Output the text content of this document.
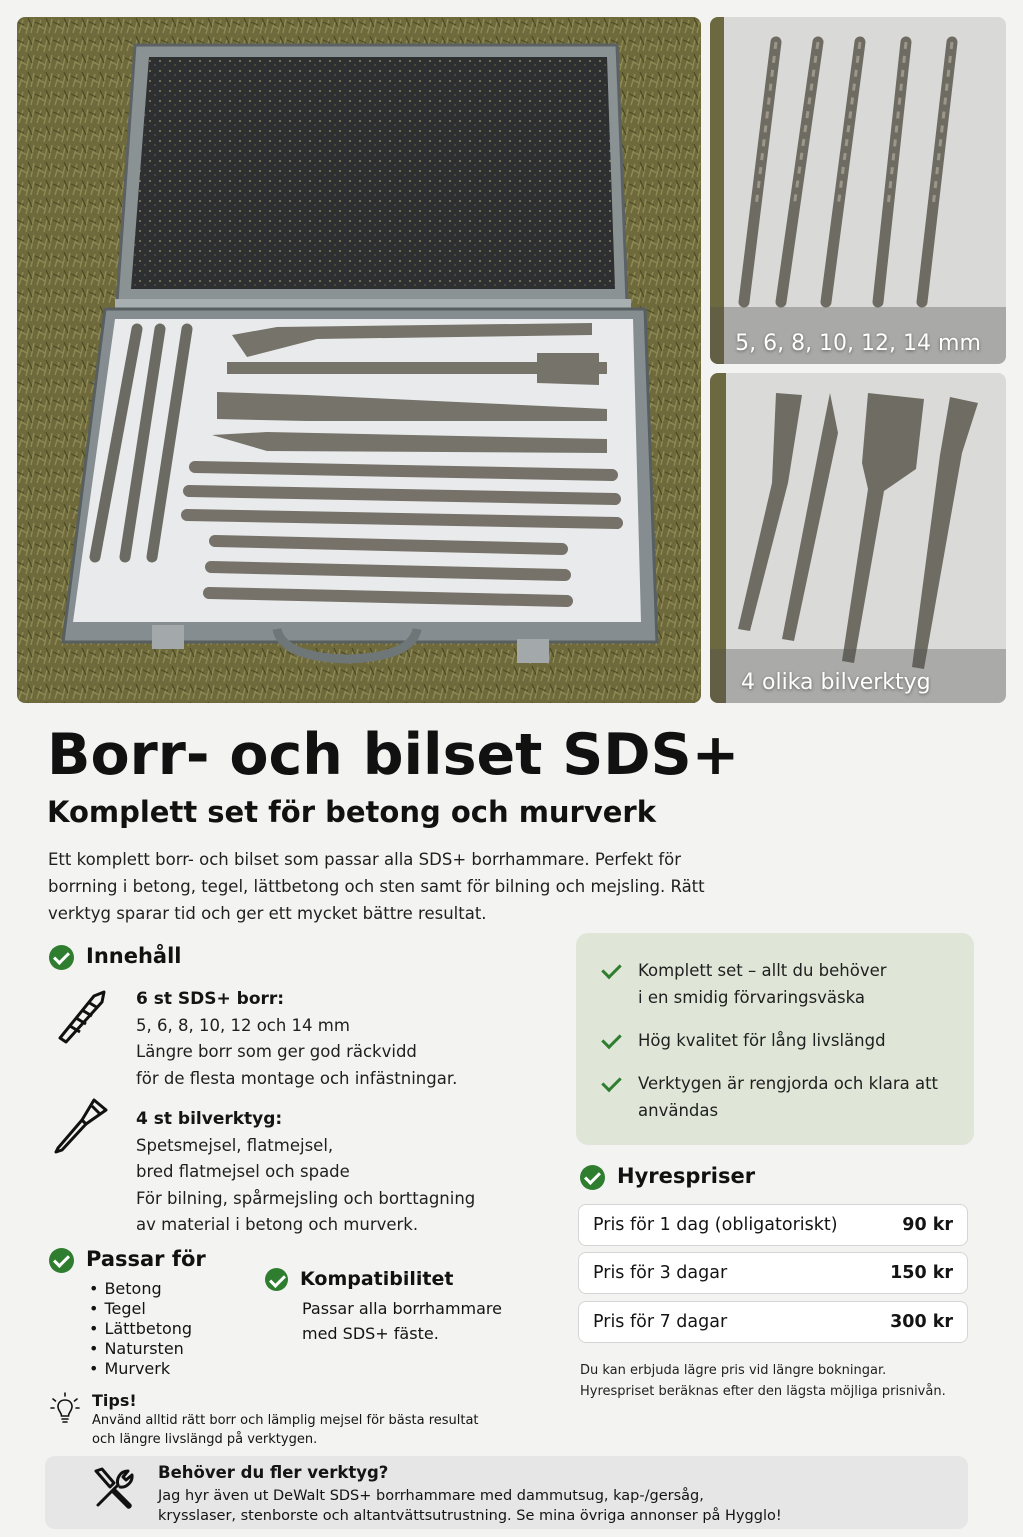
5, 6, 8, 10, 12, 14 mm
4 olika bilverktyg
Borr- och bilset SDS+
Komplett set för betong och murverk

Ett komplett borr- och bilset som passar alla SDS+ borrhammare. Perfekt för borrning i betong, tegel, lättbetong och sten samt för bilning och mejsling. Rätt verktyg sparar tid och ger ett mycket bättre resultat.

Innehåll
6 st SDS+ borr:
5, 6, 8, 10, 12 och 14 mm
Längre borr som ger god räckvidd
för de flesta montage och infästningar.
4 st bilverktyg:
Spetsmejsel, flatmejsel,
bred flatmejsel och spade
För bilning, spårmejsling och borttagning
av material i betong och murverk.
Passar för
• Betong
• Tegel
• Lättbetong
• Natursten
• Murverk
Kompatibilitet
Passar alla borrhammare
med SDS+ fäste.
Tips!
Använd alltid rätt borr och lämplig mejsel för bästa resultat
och längre livslängd på verktygen.
Komplett set – allt du behöver
i en smidig förvaringsväska
Hög kvalitet för lång livslängd
Verktygen är rengjorda och klara att
användas
Hyrespriser
Pris för 1 dag (obligatoriskt)	90 kr
Pris för 3 dagar	150 kr
Pris för 7 dagar	300 kr
Du kan erbjuda lägre pris vid längre bokningar.
Hyrespriset beräknas efter den lägsta möjliga prisnivån.
Behöver du fler verktyg?
Jag hyr även ut DeWalt SDS+ borrhammare med dammutsug, kap-/gersåg,
krysslaser, stenborste och altantvättsutrustning. Se mina övriga annonser på Hygglo!
